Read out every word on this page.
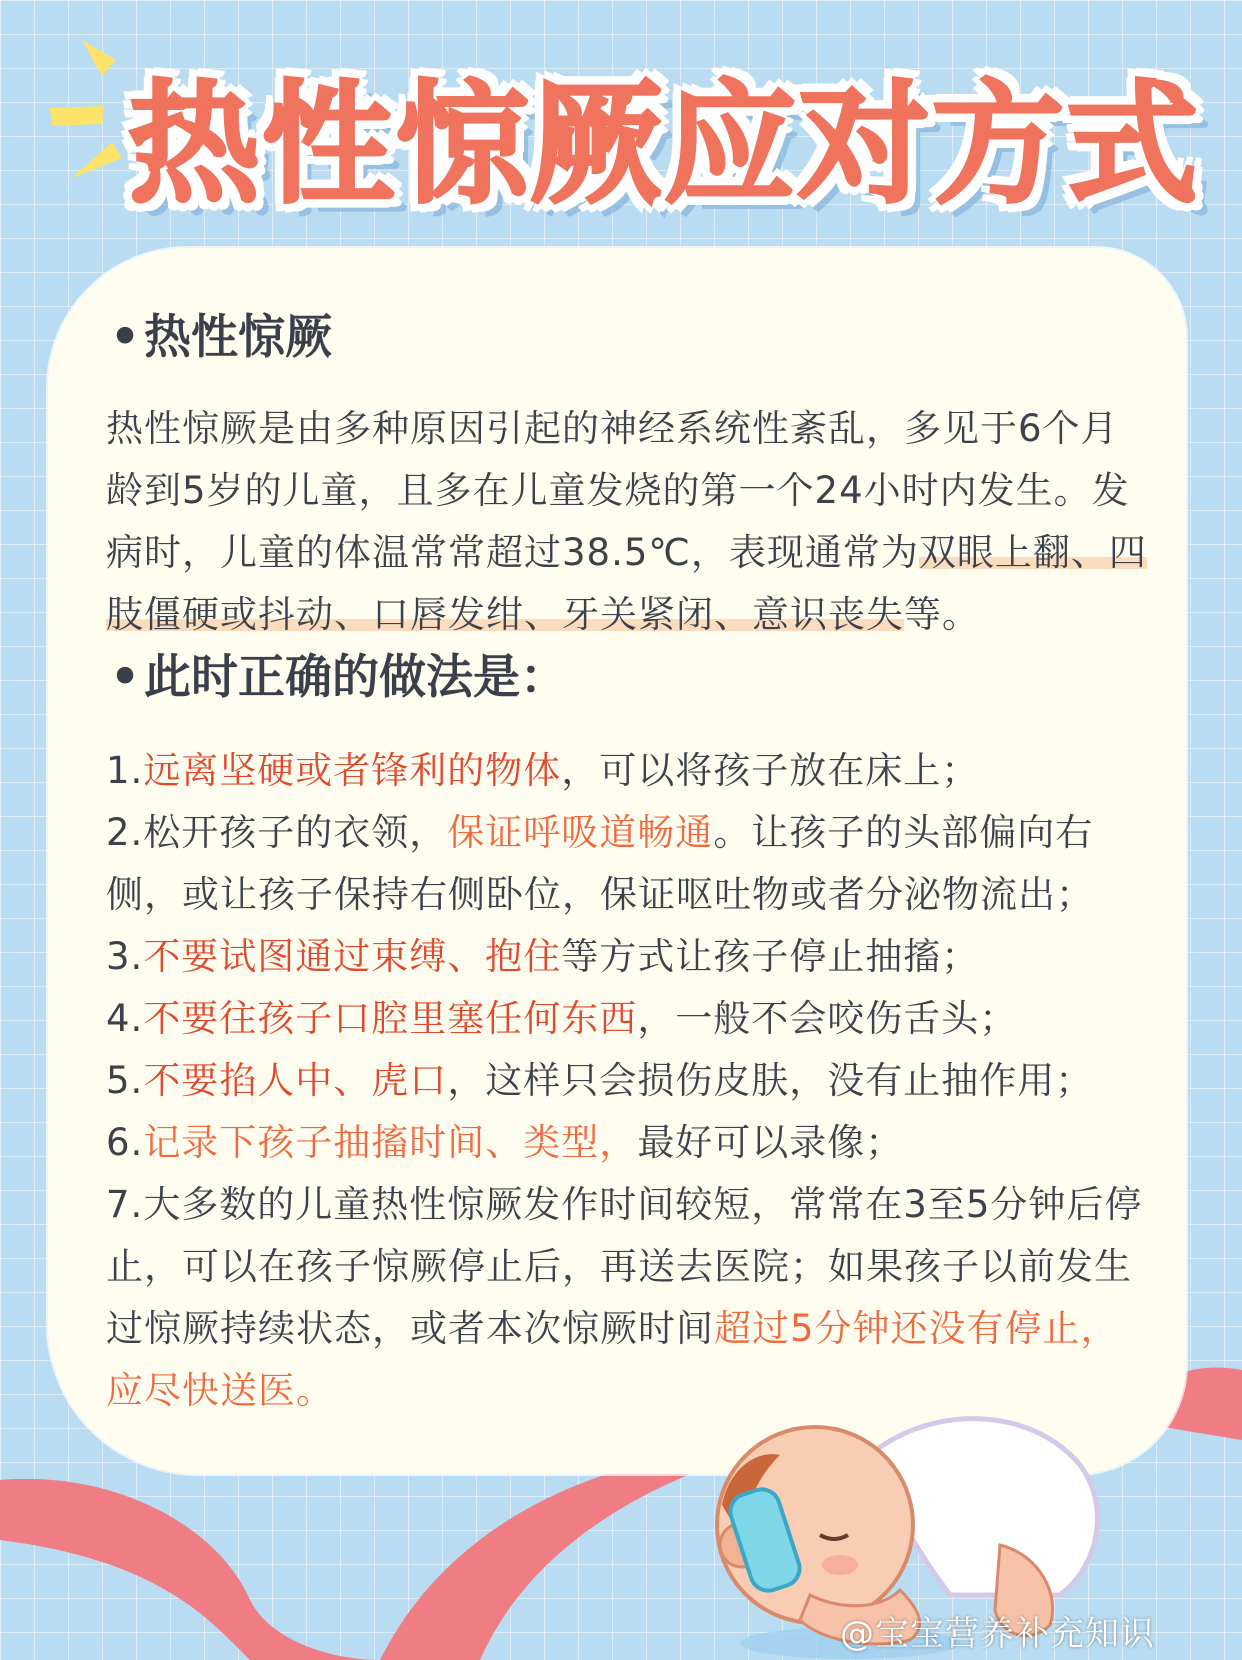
热性惊厥应对方式
•热性惊厥
热性惊厥是由多种原因引起的神经系统性紊乱，多见于6个月
龄到5岁的儿童，且多在儿童发烧的第一个24小时内发生。发
病时，儿童的体温常常超过38.5℃，表现通常为双眼上翻、四
肢僵硬或抖动、口唇发绀、牙关紧闭、意识丧失等。
•此时正确的做法是：
1.远离坚硬或者锋利的物体，可以将孩子放在床上；
2.松开孩子的衣领，保证呼吸道畅通。让孩子的头部偏向右
侧，或让孩子保持右侧卧位，保证呕吐物或者分泌物流出；
3.不要试图通过束缚、抱住等方式让孩子停止抽搐；
4.不要往孩子口腔里塞任何东西，一般不会咬伤舌头；
5.不要掐人中、虎口，这样只会损伤皮肤，没有止抽作用；
6.记录下孩子抽搐时间、类型，最好可以录像；
7.大多数的儿童热性惊厥发作时间较短，常常在3至5分钟后停
止，可以在孩子惊厥停止后，再送去医院；如果孩子以前发生
过惊厥持续状态，或者本次惊厥时间超过5分钟还没有停止，
应尽快送医。
@宝宝营养补充知识
